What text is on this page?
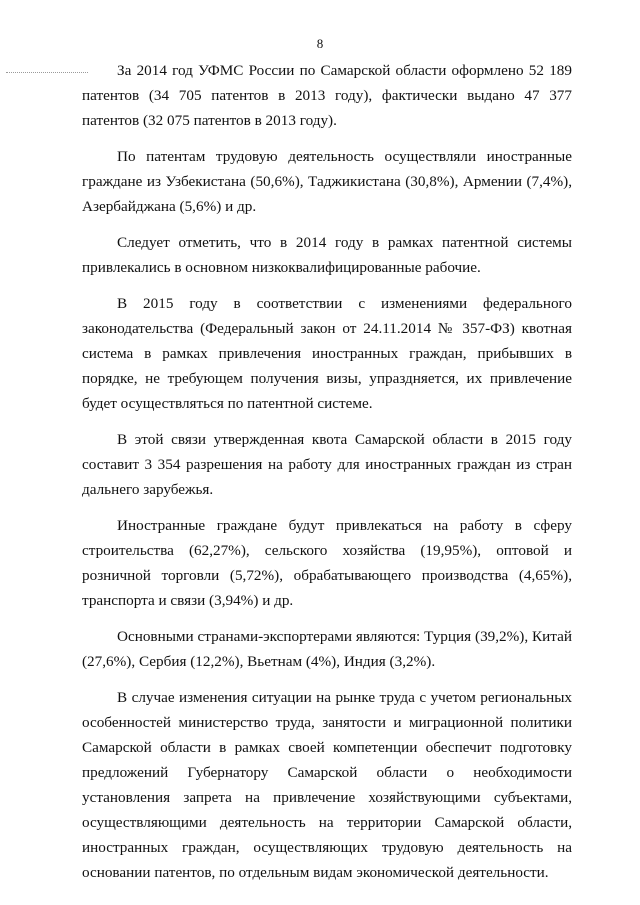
8

За 2014 год УФМС России по Самарской области оформлено 52 189 патентов (34 705 патентов в 2013 году), фактически выдано 47 377 патентов (32 075 патентов в 2013 году).

По патентам трудовую деятельность осуществляли иностранные граждане из Узбекистана (50,6%), Таджикистана (30,8%), Армении (7,4%), Азербайджана (5,6%) и др.

Следует отметить, что в 2014 году в рамках патентной системы привлекались в основном низкоквалифицированные рабочие.

В 2015 году в соответствии с изменениями федерального законодательства (Федеральный закон от 24.11.2014 № 357-ФЗ) квотная система в рамках привлечения иностранных граждан, прибывших в порядке, не требующем получения визы, упраздняется, их привлечение будет осуществляться по патентной системе.

В этой связи утвержденная квота Самарской области в 2015 году составит 3 354 разрешения на работу для иностранных граждан из стран дальнего зарубежья.

Иностранные граждане будут привлекаться на работу в сферу строительства (62,27%), сельского хозяйства (19,95%), оптовой и розничной торговли (5,72%), обрабатывающего производства (4,65%), транспорта и связи (3,94%) и др.

Основными странами-экспортерами являются: Турция (39,2%), Китай (27,6%), Сербия (12,2%), Вьетнам (4%), Индия (3,2%).

В случае изменения ситуации на рынке труда с учетом региональных особенностей министерство труда, занятости и миграционной политики Самарской области в рамках своей компетенции обеспечит подготовку предложений Губернатору Самарской области о необходимости установления запрета на привлечение хозяйствующими субъектами, осуществляющими деятельность на территории Самарской области, иностранных граждан, осуществляющих трудовую деятельность на основании патентов, по отдельным видам экономической деятельности.
